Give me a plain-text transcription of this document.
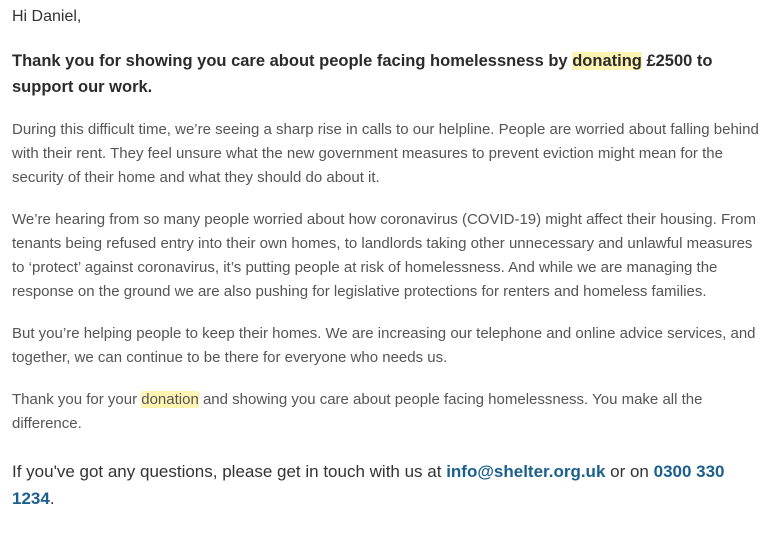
Hi Daniel,

Thank you for showing you care about people facing homelessness by donating £2500 to support our work.

During this difficult time, we’re seeing a sharp rise in calls to our helpline. People are worried about falling behind with their rent. They feel unsure what the new government measures to prevent eviction might mean for the security of their home and what they should do about it.

We’re hearing from so many people worried about how coronavirus (COVID-19) might affect their housing. From tenants being refused entry into their own homes, to landlords taking other unnecessary and unlawful measures to ‘protect’ against coronavirus, it’s putting people at risk of homelessness. And while we are managing the response on the ground we are also pushing for legislative protections for renters and homeless families.

But you’re helping people to keep their homes. We are increasing our telephone and online advice services, and together, we can continue to be there for everyone who needs us.

Thank you for your donation and showing you care about people facing homelessness. You make all the difference.

If you've got any questions, please get in touch with us at info@shelter.org.uk or on 0300 330 1234.
